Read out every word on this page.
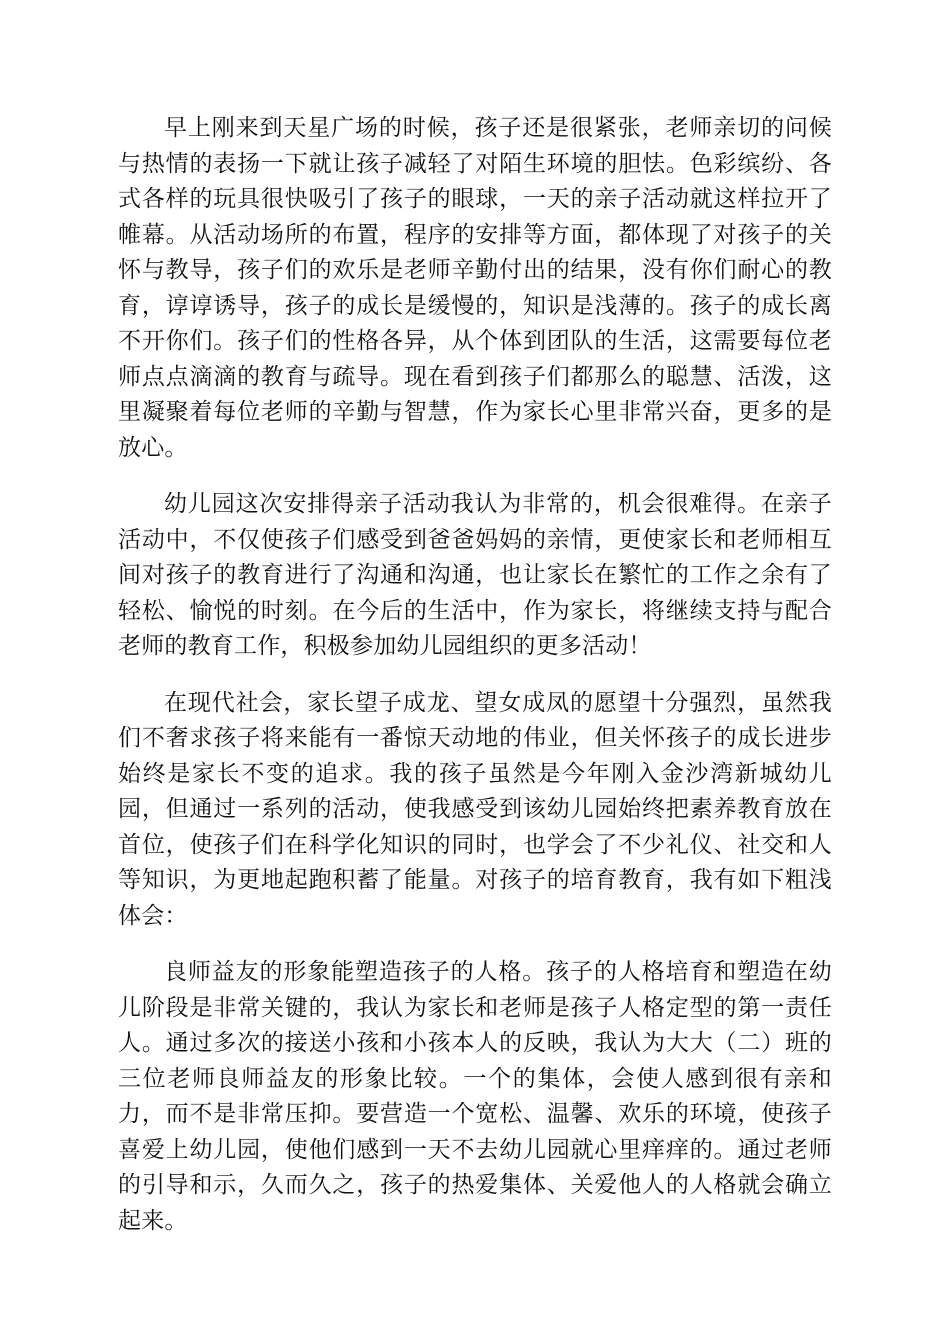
早上刚来到天星广场的时候，孩子还是很紧张，老师亲切的问候与热情的表扬一下就让孩子减轻了对陌生环境的胆怯。色彩缤纷、各式各样的玩具很快吸引了孩子的眼球，一天的亲子活动就这样拉开了帷幕。从活动场所的布置，程序的安排等方面，都体现了对孩子的关怀与教导，孩子们的欢乐是老师辛勤付出的结果，没有你们耐心的教育，谆谆诱导，孩子的成长是缓慢的，知识是浅薄的。孩子的成长离不开你们。孩子们的性格各异，从个体到团队的生活，这需要每位老师点点滴滴的教育与疏导。现在看到孩子们都那么的聪慧、活泼，这里凝聚着每位老师的辛勤与智慧，作为家长心里非常兴奋，更多的是放心。

幼儿园这次安排得亲子活动我认为非常的，机会很难得。在亲子活动中，不仅使孩子们感受到爸爸妈妈的亲情，更使家长和老师相互间对孩子的教育进行了沟通和沟通，也让家长在繁忙的工作之余有了轻松、愉悦的时刻。在今后的生活中，作为家长，将继续支持与配合老师的教育工作，积极参加幼儿园组织的更多活动！

在现代社会，家长望子成龙、望女成凤的愿望十分强烈，虽然我们不奢求孩子将来能有一番惊天动地的伟业，但关怀孩子的成长进步始终是家长不变的追求。我的孩子虽然是今年刚入金沙湾新城幼儿园，但通过一系列的活动，使我感受到该幼儿园始终把素养教育放在首位，使孩子们在科学化知识的同时，也学会了不少礼仪、社交和人等知识，为更地起跑积蓄了能量。对孩子的培育教育，我有如下粗浅体会：

良师益友的形象能塑造孩子的人格。孩子的人格培育和塑造在幼儿阶段是非常关键的，我认为家长和老师是孩子人格定型的第一责任人。通过多次的接送小孩和小孩本人的反映，我认为大大（二）班的三位老师良师益友的形象比较。一个的集体，会使人感到很有亲和力，而不是非常压抑。要营造一个宽松、温馨、欢乐的环境，使孩子喜爱上幼儿园，使他们感到一天不去幼儿园就心里痒痒的。通过老师的引导和示，久而久之，孩子的热爱集体、关爱他人的人格就会确立起来。
